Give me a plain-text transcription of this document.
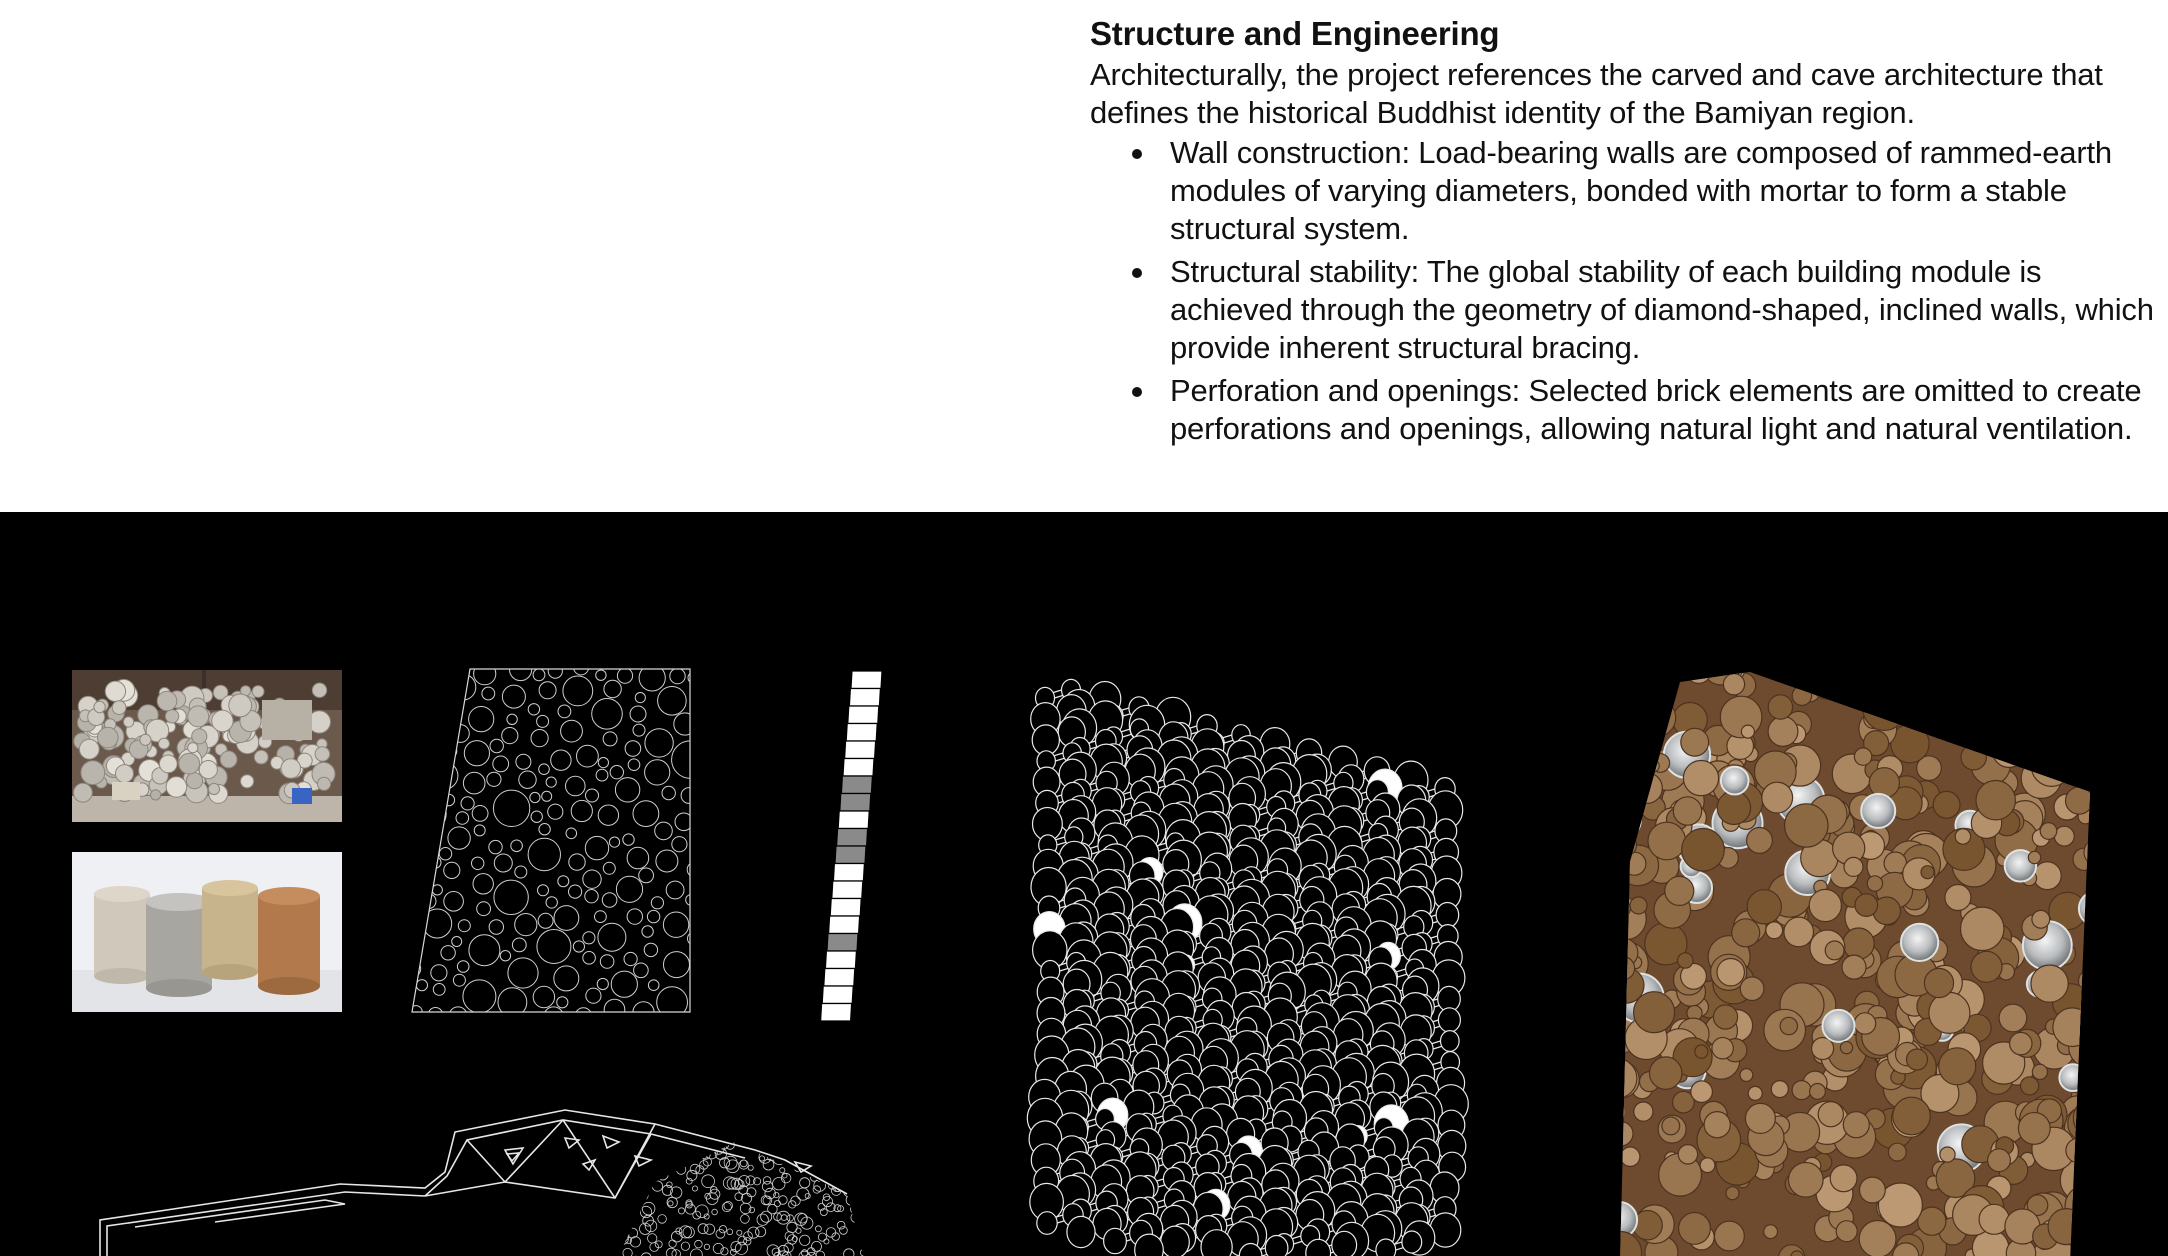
Structure and Engineering

Architecturally, the project references the carved and cave architecture that defines the historical Buddhist identity of the Bamiyan region.

Wall construction: Load-bearing walls are composed of rammed-earth modules of varying diameters, bonded with mortar to form a stable structural system.
Structural stability: The global stability of each building module is achieved through the geometry of diamond-shaped, inclined walls, which provide inherent structural bracing.
Perforation and openings: Selected brick elements are omitted to create perforations and openings, allowing natural light and natural ventilation.
